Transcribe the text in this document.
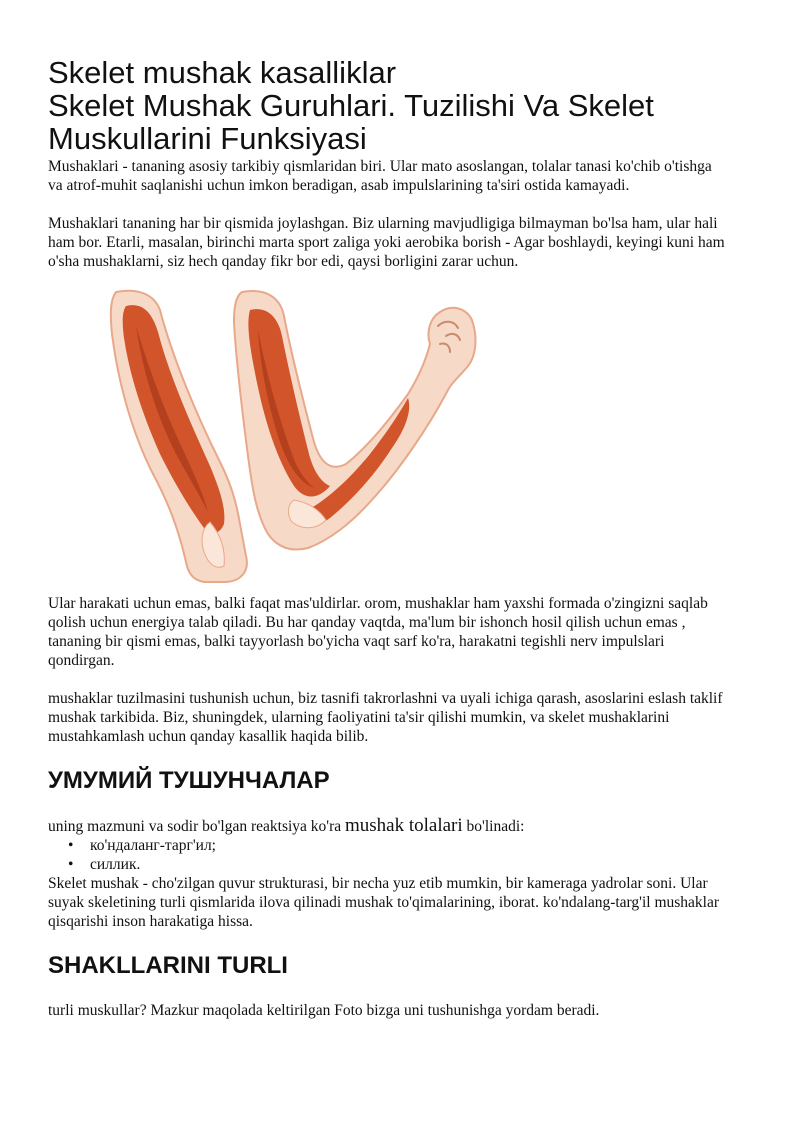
Skelet mushak kasalliklar
Skelet Mushak Guruhlari. Tuzilishi Va Skelet
Muskullarini Funksiyasi

Mushaklari - tananing asosiy tarkibiy qismlaridan biri. Ular mato asoslangan, tolalar tanasi ko'chib o'tishga va atrof-muhit saqlanishi uchun imkon beradigan, asab impulslarining ta'siri ostida kamayadi.

Mushaklari tananing har bir qismida joylashgan. Biz ularning mavjudligiga bilmayman bo'lsa ham, ular hali ham bor. Etarli, masalan, birinchi marta sport zaliga yoki aerobika borish - Agar boshlaydi, keyingi kuni ham o'sha mushaklarni, siz hech qanday fikr bor edi, qaysi borligini zarar uchun.

Ular harakati uchun emas, balki faqat mas'uldirlar. orom, mushaklar ham yaxshi formada o'zingizni saqlab qolish uchun energiya talab qiladi. Bu har qanday vaqtda, ma'lum bir ishonch hosil qilish uchun emas , tananing bir qismi emas, balki tayyorlash bo'yicha vaqt sarf ko'ra, harakatni tegishli nerv impulslari qondirgan.

mushaklar tuzilmasini tushunish uchun, biz tasnifi takrorlashni va uyali ichiga qarash, asoslarini eslash taklif mushak tarkibida. Biz, shuningdek, ularning faoliyatini ta'sir qilishi mumkin, va skelet mushaklarini mustahkamlash uchun qanday kasallik haqida bilib.

УМУМИЙ ТУШУНЧАЛАР

uning mazmuni va sodir bo'lgan reaktsiya ko'ra mushak tolalari bo'linadi:

• ко'ндаланг-тарг'ил;
• силлик.

Skelet mushak - cho'zilgan quvur strukturasi, bir necha yuz etib mumkin, bir kameraga yadrolar soni. Ular suyak skeletining turli qismlarida ilova qilinadi mushak to'qimalarining, iborat. ko'ndalang-targ'il mushaklar qisqarishi inson harakatiga hissa.

SHAKLLARINI TURLI

turli muskullar? Mazkur maqolada keltirilgan Foto bizga uni tushunishga yordam beradi.
